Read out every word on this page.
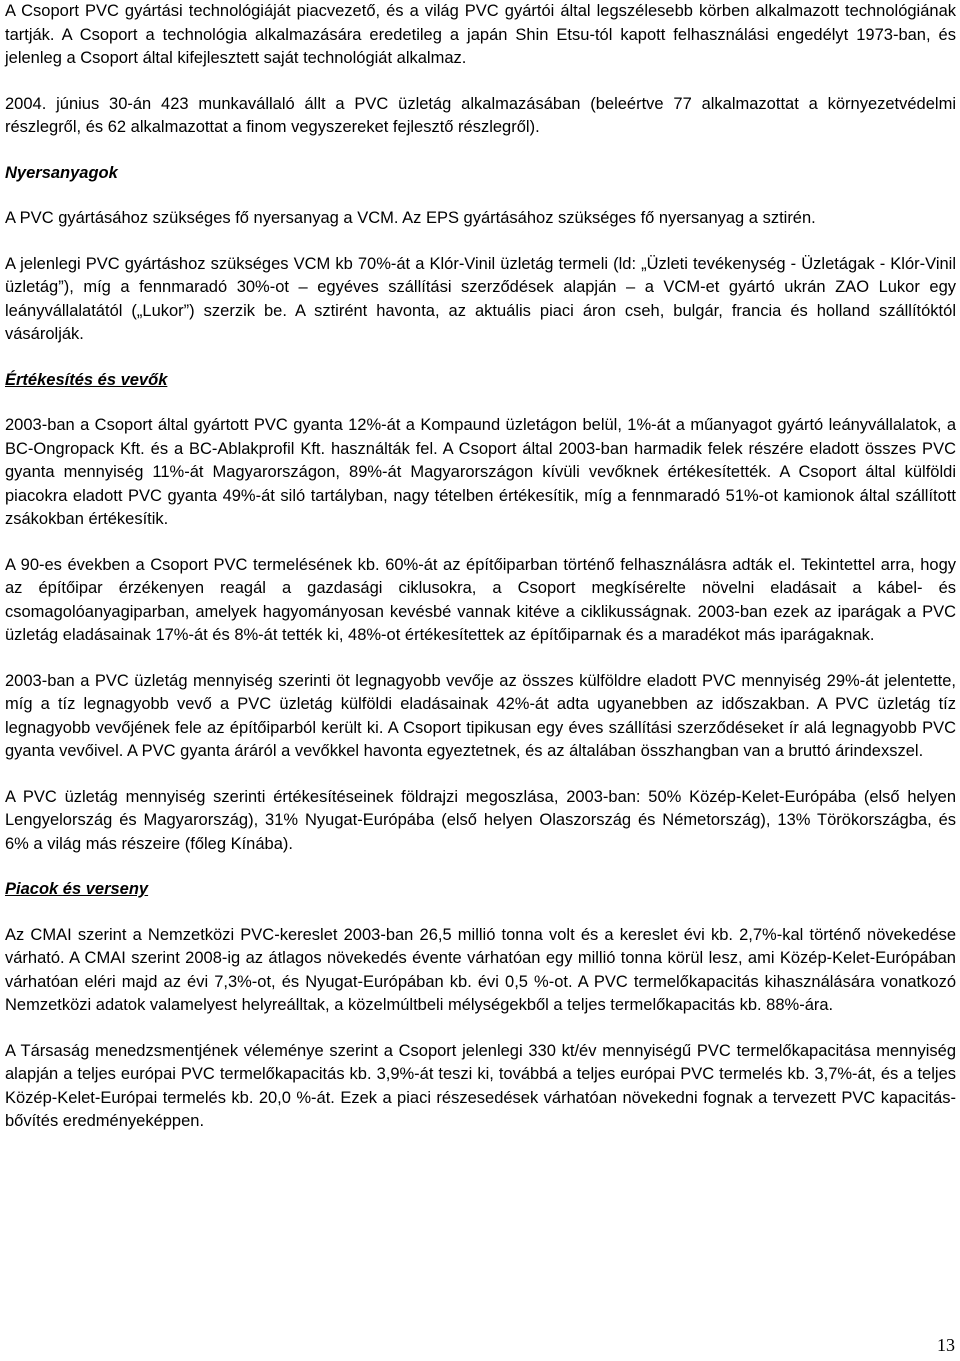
A Csoport PVC gyártási technológiáját piacvezető, és a világ PVC gyártói által legszélesebb körben alkalmazott technológiának tartják. A Csoport a technológia alkalmazására eredetileg a japán Shin Etsu-tól kapott felhasználási engedélyt 1973-ban, és jelenleg a Csoport által kifejlesztett saját technológiát alkalmaz.

2004. június 30-án 423 munkavállaló állt a PVC üzletág alkalmazásában (beleértve 77 alkalmazottat a környezetvédelmi részlegről, és 62 alkalmazottat a finom vegyszereket fejlesztő részlegről).

Nyersanyagok

A PVC gyártásához szükséges fő nyersanyag a VCM. Az EPS gyártásához szükséges fő nyersanyag a sztirén.

A jelenlegi PVC gyártáshoz szükséges VCM kb 70%-át a Klór-Vinil üzletág termeli (ld: „Üzleti tevékenység - Üzletágak - Klór-Vinil üzletág”), míg a fennmaradó 30%-ot – egyéves szállítási szerződések alapján – a VCM-et gyártó ukrán ZAO Lukor egy leányvállalatától („Lukor”) szerzik be. A sztirént havonta, az aktuális piaci áron cseh, bulgár, francia és holland szállítóktól vásárolják.

Értékesítés és vevők

2003-ban a Csoport által gyártott PVC gyanta 12%-át a Kompaund üzletágon belül, 1%-át a műanyagot gyártó leányvállalatok, a BC-Ongropack Kft. és a BC-Ablakprofil Kft. használták fel. A Csoport által 2003-ban harmadik felek részére eladott összes PVC gyanta mennyiség 11%-át Magyarországon, 89%-át Magyarországon kívüli vevőknek értékesítették. A Csoport által külföldi piacokra eladott PVC gyanta 49%-át siló tartályban, nagy tételben értékesítik, míg a fennmaradó 51%-ot kamionok által szállított zsákokban értékesítik.

A 90-es években a Csoport PVC termelésének kb. 60%-át az építőiparban történő felhasználásra adták el. Tekintettel arra, hogy az építőipar érzékenyen reagál a gazdasági ciklusokra, a Csoport megkísérelte növelni eladásait a kábel- és csomagolóanyagiparban, amelyek hagyományosan kevésbé vannak kitéve a ciklikusságnak. 2003-ban ezek az iparágak a PVC üzletág eladásainak 17%-át és 8%-át tették ki, 48%-ot értékesítettek az építőiparnak és a maradékot más iparágaknak.

2003-ban a PVC üzletág mennyiség szerinti öt legnagyobb vevője az összes külföldre eladott PVC mennyiség 29%-át jelentette, míg a tíz legnagyobb vevő a PVC üzletág külföldi eladásainak 42%-át adta ugyanebben az időszakban. A PVC üzletág tíz legnagyobb vevőjének fele az építőiparból került ki. A Csoport tipikusan egy éves szállítási szerződéseket ír alá legnagyobb PVC gyanta vevőivel. A PVC gyanta áráról a vevőkkel havonta egyeztetnek, és az általában összhangban van a bruttó árindexszel.

A PVC üzletág mennyiség szerinti értékesítéseinek földrajzi megoszlása, 2003-ban: 50% Közép-Kelet-Európába (első helyen Lengyelország és Magyarország), 31% Nyugat-Európába (első helyen Olaszország és Németország), 13% Törökországba, és 6% a világ más részeire (főleg Kínába).

Piacok és verseny

Az CMAI szerint a Nemzetközi PVC-kereslet 2003-ban 26,5 millió tonna volt és a kereslet évi kb. 2,7%-kal történő növekedése várható. A CMAI szerint 2008-ig az átlagos növekedés évente várhatóan egy millió tonna körül lesz, ami Közép-Kelet-Európában várhatóan eléri majd az évi 7,3%-ot, és Nyugat-Európában kb. évi 0,5 %-ot. A PVC termelőkapacitás kihasználására vonatkozó Nemzetközi adatok valamelyest helyreálltak, a közelmúltbeli mélységekből a teljes termelőkapacitás kb. 88%-ára.

A Társaság menedzsmentjének véleménye szerint a Csoport jelenlegi 330 kt/év mennyiségű PVC termelőkapacitása mennyiség alapján a teljes európai PVC termelőkapacitás kb. 3,9%-át teszi ki, továbbá a teljes európai PVC termelés kb. 3,7%-át, és a teljes Közép-Kelet-Európai termelés kb. 20,0 %-át. Ezek a piaci részesedések várhatóan növekedni fognak a tervezett PVC kapacitás-bővítés eredményeképpen.

13
